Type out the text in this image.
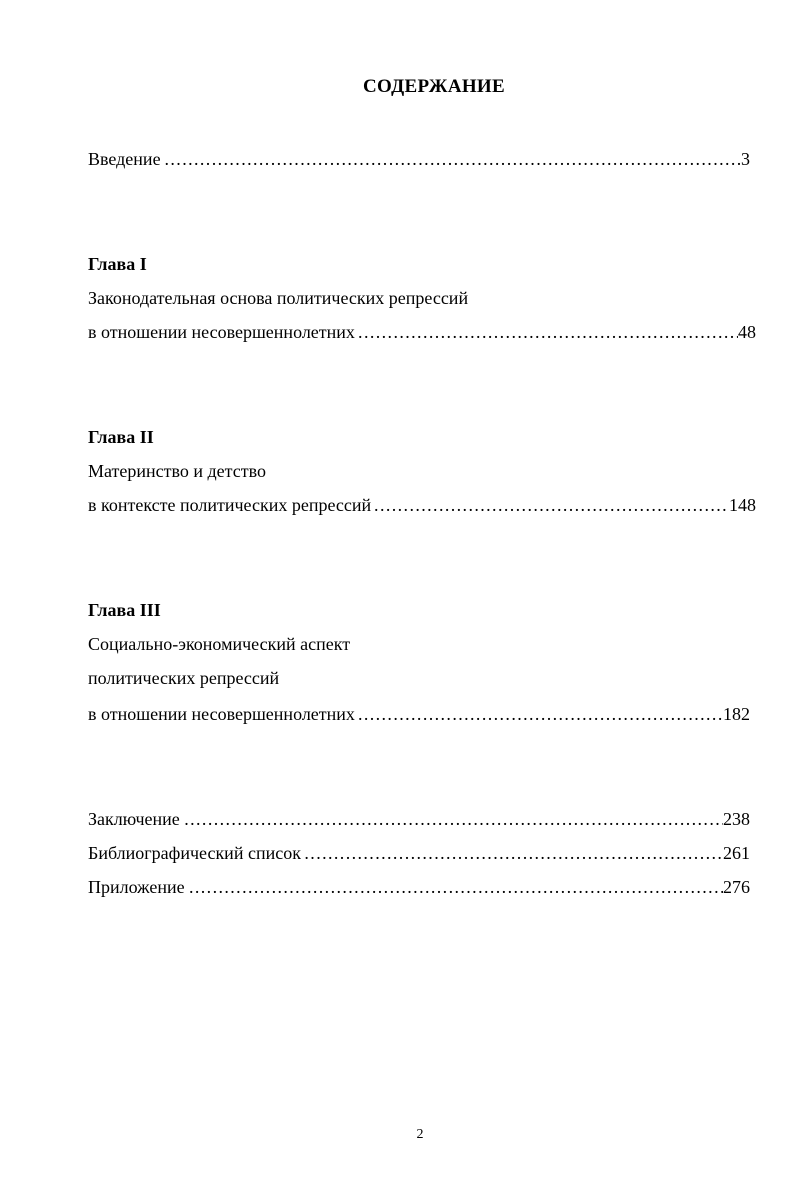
СОДЕРЖАНИЕ
Введение .....	3
Глава I
Законодательная основа политических репрессий
в отношении несовершеннолетних .....	48
Глава II
Материнство и детство
в контексте политических репрессий .....	148
Глава III
Социально-экономический аспект
политических репрессий
в отношении несовершеннолетних .....	182
Заключение .....	238
Библиографический список .....	261
Приложение .....	276
2
